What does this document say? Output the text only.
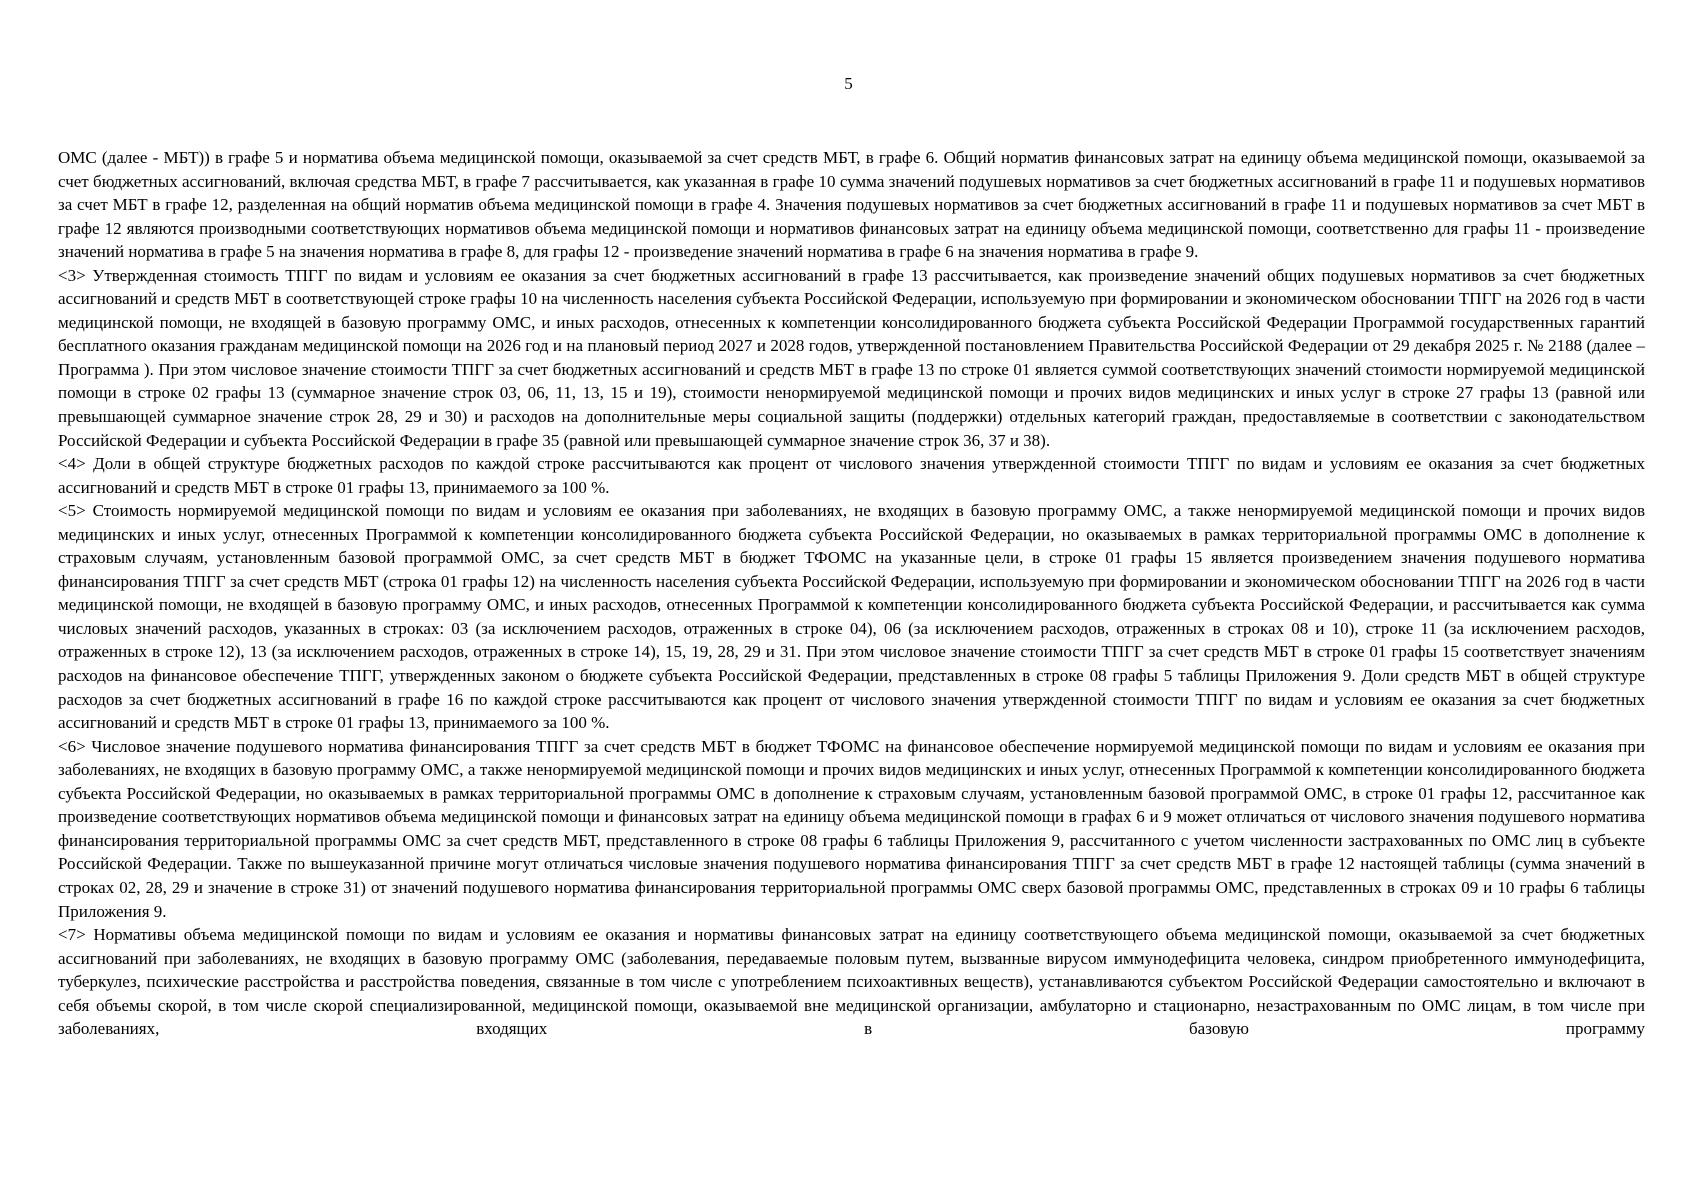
5

ОМС (далее - МБТ)) в графе 5 и норматива объема медицинской помощи, оказываемой за счет средств МБТ, в графе 6. Общий норматив финансовых затрат на единицу объема медицинской помощи, оказываемой за счет бюджетных ассигнований, включая средства МБТ, в графе 7 рассчитывается, как указанная в графе 10 сумма значений подушевых нормативов за счет бюджетных ассигнований в графе 11 и подушевых нормативов за счет МБТ в графе 12, разделенная на общий норматив объема медицинской помощи в графе 4. Значения подушевых нормативов за счет бюджетных ассигнований в графе 11 и подушевых нормативов за счет МБТ в графе 12 являются производными соответствующих нормативов объема медицинской помощи и нормативов финансовых затрат на единицу объема медицинской помощи, соответственно для графы 11 - произведение значений норматива в графе 5 на значения норматива в графе 8, для графы 12 - произведение значений норматива в графе 6 на значения норматива в графе 9.

<3> Утвержденная стоимость ТПГГ по видам и условиям ее оказания за счет бюджетных ассигнований в графе 13 рассчитывается, как произведение значений общих подушевых нормативов за счет бюджетных ассигнований и средств МБТ в соответствующей строке графы 10 на численность населения субъекта Российской Федерации, используемую при формировании и экономическом обосновании ТПГГ на 2026 год в части медицинской помощи, не входящей в базовую программу ОМС, и иных расходов, отнесенных к компетенции консолидированного бюджета субъекта Российской Федерации Программой государственных гарантий бесплатного оказания гражданам медицинской помощи на 2026 год и на плановый период 2027 и 2028 годов, утвержденной постановлением Правительства Российской Федерации от 29 декабря 2025 г. № 2188 (далее – Программа ). При этом числовое значение стоимости ТПГГ за счет бюджетных ассигнований и средств МБТ в графе 13 по строке 01 является суммой соответствующих значений стоимости нормируемой медицинской помощи в строке 02 графы 13 (суммарное значение строк 03, 06, 11, 13, 15 и 19), стоимости ненормируемой медицинской помощи и прочих видов медицинских и иных услуг в строке 27 графы 13 (равной или превышающей суммарное значение строк 28, 29 и 30) и расходов на дополнительные меры социальной защиты (поддержки) отдельных категорий граждан, предоставляемые в соответствии с законодательством Российской Федерации и субъекта Российской Федерации в графе 35 (равной или превышающей суммарное значение строк 36, 37 и 38).

<4> Доли в общей структуре бюджетных расходов по каждой строке рассчитываются как процент от числового значения утвержденной стоимости ТПГГ по видам и условиям ее оказания за счет бюджетных ассигнований и средств МБТ в строке 01 графы 13, принимаемого за 100 %.

<5> Стоимость нормируемой медицинской помощи по видам и условиям ее оказания при заболеваниях, не входящих в базовую программу ОМС, а также ненормируемой медицинской помощи и прочих видов медицинских и иных услуг, отнесенных Программой к компетенции консолидированного бюджета субъекта Российской Федерации, но оказываемых в рамках территориальной программы ОМС в дополнение к страховым случаям, установленным базовой программой ОМС, за счет средств МБТ в бюджет ТФОМС на указанные цели, в строке 01 графы 15 является произведением значения подушевого норматива финансирования ТПГГ за счет средств МБТ (строка 01 графы 12) на численность населения субъекта Российской Федерации, используемую при формировании и экономическом обосновании ТПГГ на 2026 год в части медицинской помощи, не входящей в базовую программу ОМС, и иных расходов, отнесенных Программой к компетенции консолидированного бюджета субъекта Российской Федерации, и рассчитывается как сумма числовых значений расходов, указанных в строках: 03 (за исключением расходов, отраженных в строке 04), 06 (за исключением расходов, отраженных в строках 08 и 10), строке 11 (за исключением расходов, отраженных в строке 12), 13 (за исключением расходов, отраженных в строке 14), 15, 19, 28, 29 и 31. При этом числовое значение стоимости ТПГГ за счет средств МБТ в строке 01 графы 15 соответствует значениям расходов на финансовое обеспечение ТПГГ, утвержденных законом о бюджете субъекта Российской Федерации, представленных в строке 08 графы 5 таблицы Приложения 9. Доли средств МБТ в общей структуре расходов за счет бюджетных ассигнований в графе 16 по каждой строке рассчитываются как процент от числового значения утвержденной стоимости ТПГГ по видам и условиям ее оказания за счет бюджетных ассигнований и средств МБТ в строке 01 графы 13, принимаемого за 100 %.

<6> Числовое значение подушевого норматива финансирования ТПГГ за счет средств МБТ в бюджет ТФОМС на финансовое обеспечение нормируемой медицинской помощи по видам и условиям ее оказания при заболеваниях, не входящих в базовую программу ОМС, а также ненормируемой медицинской помощи и прочих видов медицинских и иных услуг, отнесенных Программой к компетенции консолидированного бюджета субъекта Российской Федерации, но оказываемых в рамках территориальной программы ОМС в дополнение к страховым случаям, установленным базовой программой ОМС, в строке 01 графы 12, рассчитанное как произведение соответствующих нормативов объема медицинской помощи и финансовых затрат на единицу объема медицинской помощи в графах 6 и 9 может отличаться от числового значения подушевого норматива финансирования территориальной программы ОМС за счет средств МБТ, представленного в строке 08 графы 6 таблицы Приложения 9, рассчитанного с учетом численности застрахованных по ОМС лиц в субъекте Российской Федерации. Также по вышеуказанной причине могут отличаться числовые значения подушевого норматива финансирования ТПГГ за счет средств МБТ в графе 12 настоящей таблицы (сумма значений в строках 02, 28, 29 и значение в строке 31) от значений подушевого норматива финансирования территориальной программы ОМС сверх базовой программы ОМС, представленных в строках 09 и 10 графы 6 таблицы Приложения 9.

<7> Нормативы объема медицинской помощи по видам и условиям ее оказания и нормативы финансовых затрат на единицу соответствующего объема медицинской помощи, оказываемой за счет бюджетных ассигнований при заболеваниях, не входящих в базовую программу ОМС (заболевания, передаваемые половым путем, вызванные вирусом иммунодефицита человека, синдром приобретенного иммунодефицита, туберкулез, психические расстройства и расстройства поведения, связанные в том числе с употреблением психоактивных веществ), устанавливаются субъектом Российской Федерации самостоятельно и включают в себя объемы скорой, в том числе скорой специализированной, медицинской помощи, оказываемой вне медицинской организации, амбулаторно и стационарно, незастрахованным по ОМС лицам, в том числе при заболеваниях, входящих в базовую программу
